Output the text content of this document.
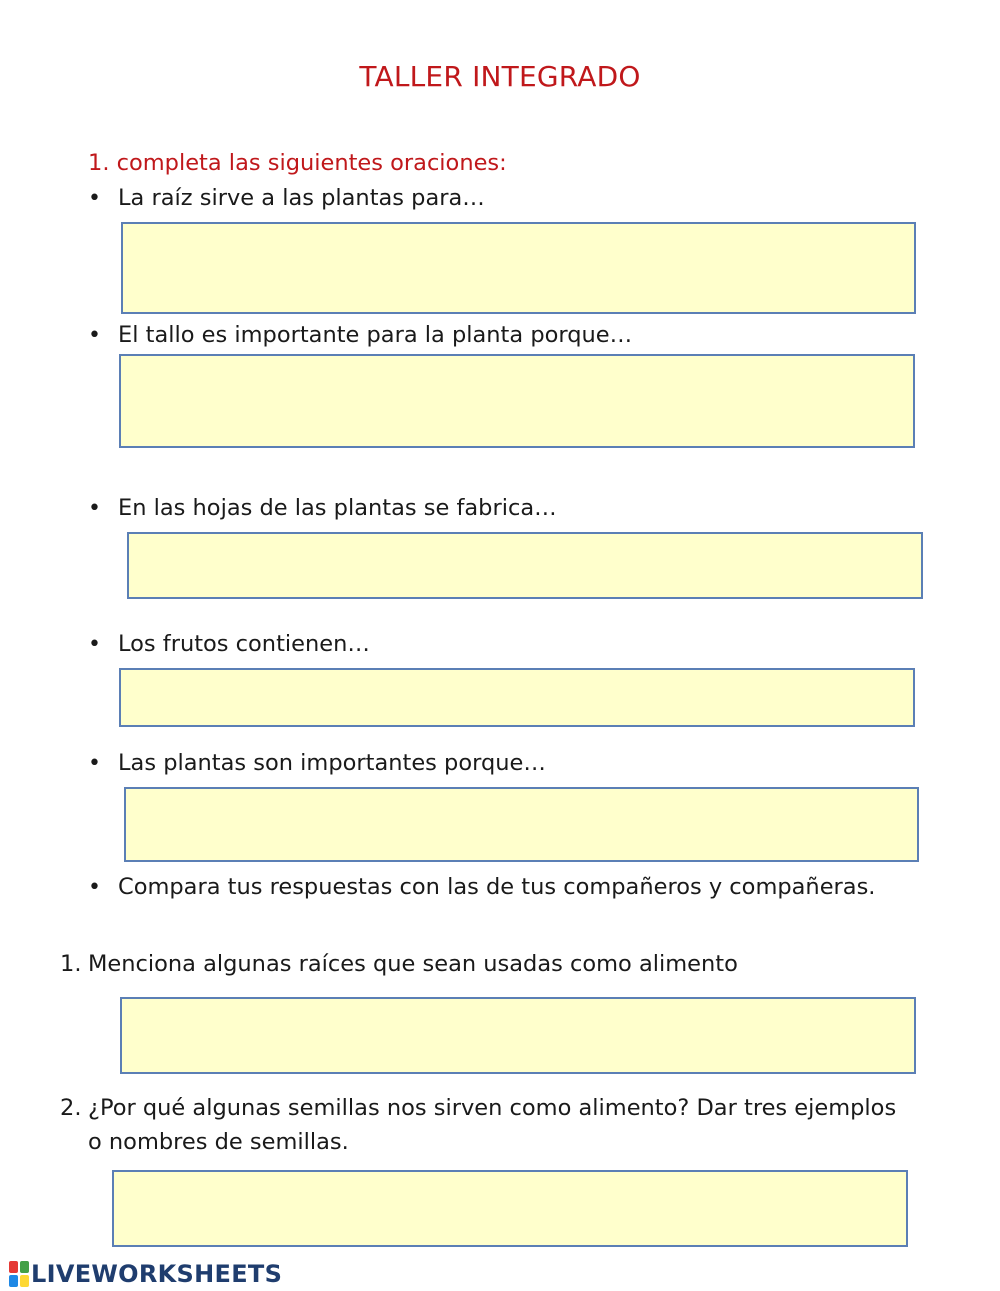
TALLER INTEGRADO
1. completa las siguientes oraciones:
• La raíz sirve a las plantas para…
• El tallo es importante para la planta porque…
• En las hojas de las plantas se fabrica…
• Los frutos contienen…
• Las plantas son importantes porque…
• Compara tus respuestas con las de tus compañeros y compañeras.
1. Menciona algunas raíces que sean usadas como alimento
2. ¿Por qué algunas semillas nos sirven como alimento? Dar tres ejemplos
o nombres de semillas.
LIVEWORKSHEETS
